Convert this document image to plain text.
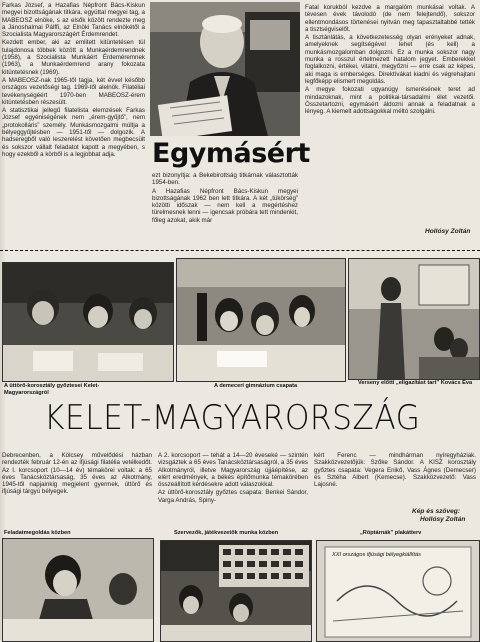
Farkas József, a Hazafias Népfront Bács-Kiskun megyei bizottságának titkára, egyúttal megyei tag, a MABEOSZ elnöke, s az elsők között rendezte meg a Jánoshalmai Pálffi, az Elnöki Tanács elnökétől a Szocialista Magyarországért Érdemrendet.

Kezdett ember, aki az emlitett kitüntetésen túl tulajdonosa többek között a Munkaérdemrendnek (1958), a Szocialista Munkáért Érdeméremnek (1963), a Munkaérdemrend arany fokozata kitüntetésnek (1969).

A MABEOSZ-nak 1965-től tagja, két évvel később országos vezetőségi tag. 1969-től alelnök. Filatéliai tevékenységéért 1970-ben MABEOSZ-érem kitüntetésben részesült.

A statisztikai jellegű filatelista elemzések Farkas József egyéniségének nem „érem-gyűjtő”, nem „protokolláris” személy. Munkásmozgalmi múltja a bélyeggyűjtésben — 1951-től — dolgozik. A hadseregből való leszerelést követően megbecsült és sokszor vállalt feladatot kapott a megyében, s hogy ezekből a körből is a legjobbat adja.	Egymásért

ezt bizonyítja: a Bekebirottság titkárnak választották 1954-ben.

A Hazafias Népfront Bács-Kiskun megyei bizottságának 1962 ben lett titkára. A két „tükörség” közötti időszak — nem kell a megértéshez türelmesnek lenni — igencsak próbára tett mindenkit, főleg azokat, akik már

Fatal korukból kezdve a margalóm munkásai voltak. A tévesen évek távolodó (de nem felejtendő), sokszor ellentmondásos törtenései nyitván meg tapasztaltabbé tették a tisztségviselőt.

A tisztánlátás, a következetesség olyan erényeket adnak, amelyeknek segítségével lehet (és kell) a munkásmozgalomban dolgozni. Ez a munka sokszor nagy munka a rosszul értelmezett hatalom jegyet. Emberekkel foglalkozni, értékei, vitatni, megyőzni — erre csak az képes, aki maga is emberséges. Direktívákat kiadni és végrehajtani legfőképp elismert megoldás.

A megye fokozati ugyanúgy ismerésének teret ad mindazoknak, mint a politikai-társadalmi élet vezetői. Összetartozni, egymásért áldozni annak a feladatnak a lényeg. A kiemelt adottságokkal méltó szolgálni.

Hollósy Zoltán
A üttörő-korosztály győztesei Kelet-Magyarországról
A demeceri gimnázium csapata	Verseny előtti „eligazítást tart” Kovács Éva
KELET-MAGYARORSZÁG

Debrecenben, a Kölcsey művelődési házban rendezték február 12-én az ifjúsági filatélia vetélkedőt. Az I. korcsoport (10—14 év) témakörei voltak: a 65 éves Tanácsköztársaság, 35 éves az Alkotmány, 1945-től napjainkig megjelent gyermek, úttörő és ifjúsági tárgyú bélyegek.

A 2. korcsoport — tehát a 14—20 éveseké — szintén vizsgáztek a 65 éves Tanácsköztársaságról, a 35 éves Alkotmányról, illetve Magyarország újjáépítése, az elért eredmények, a békés építőmunka témakörében összeállított kérdésekre adott válaszokkal.

Az úttörő-korosztály győztes csapata: Benkei Sándor, Varga András, Spiny-

kért Ferenc — mindhárman nyíregyháziak. Szakközvezetőjük: Szőke Sándor. A KISZ korosztály győztes csapata: Vegera Enikő, Vass Ágnes (Demecser) és Sztéha Albert (Kemecse). Szakközvezető: Vass Lajosné.

Kép és szöveg:
Hollósy Zoltán
Feladatmegoldás közben	Szervezők, játékvezetők munka közben	„Röptárnák” plakátterv
XXI országos ifjúsági bélyegkiállítás
